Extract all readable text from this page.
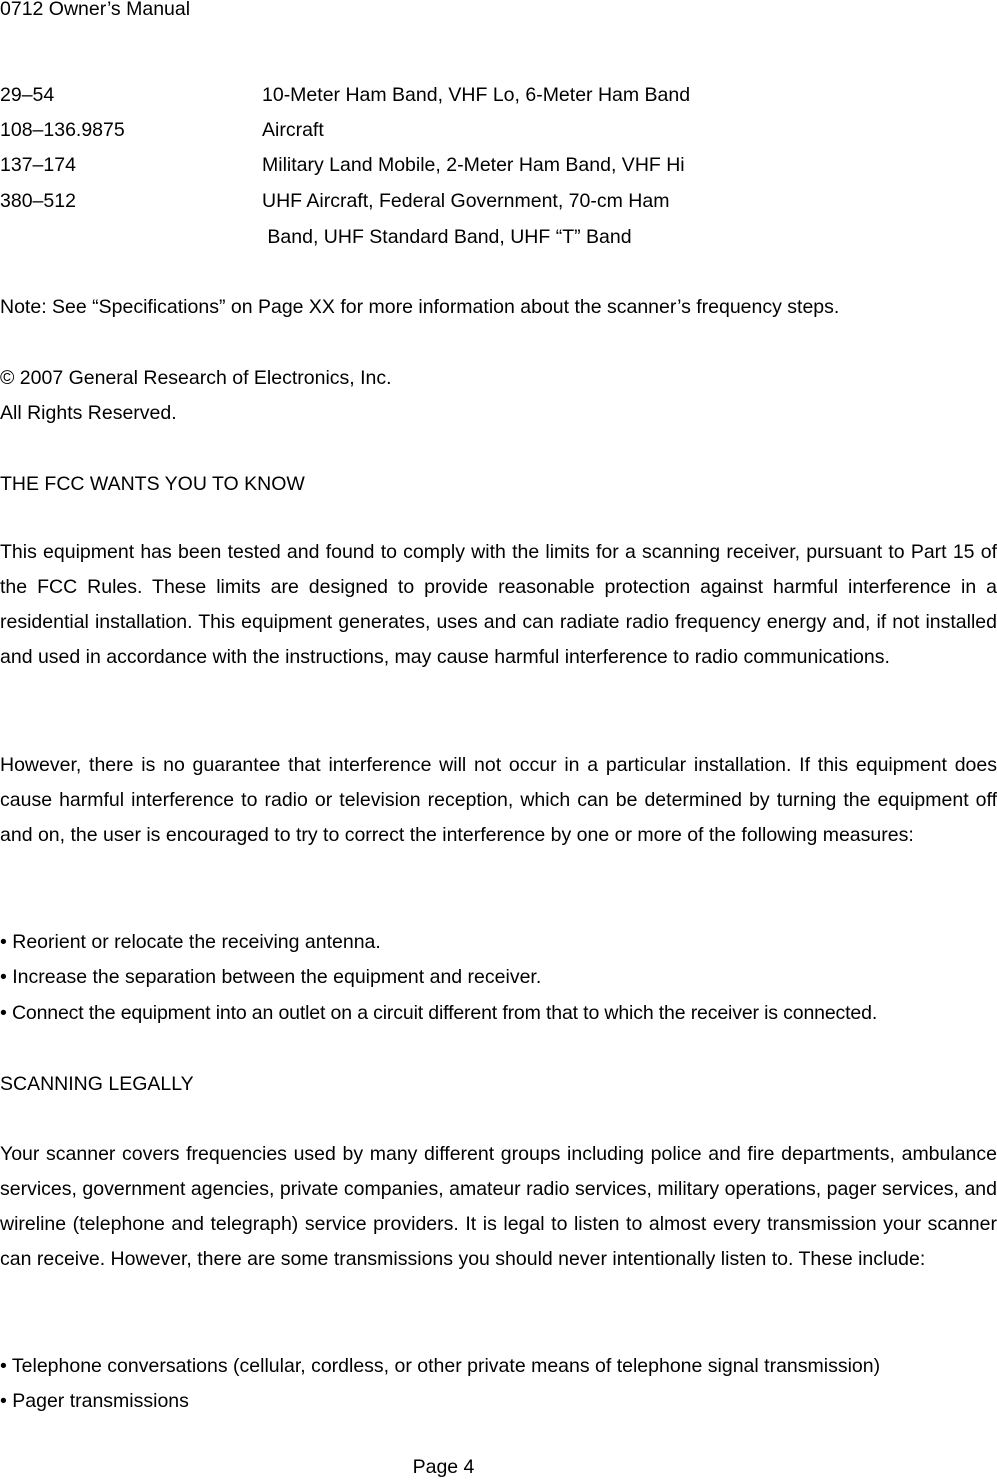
0712 Owner’s Manual
29–54	10-Meter Ham Band, VHF Lo, 6-Meter Ham Band
108–136.9875	Aircraft
137–174	Military Land Mobile, 2-Meter Ham Band, VHF Hi
380–512	UHF Aircraft, Federal Government, 70-cm Ham
Band, UHF Standard Band, UHF “T” Band
Note: See “Specifications” on Page XX for more information about the scanner’s frequency steps.
© 2007 General Research of Electronics, Inc.
All Rights Reserved.
THE FCC WANTS YOU TO KNOW

This equipment has been tested and found to comply with the limits for a scanning receiver, pursuant to Part 15 of the FCC Rules. These limits are designed to provide reasonable protection against harmful interference in a residential installation. This equipment generates, uses and can radiate radio frequency energy and, if not installed and used in accordance with the instructions, may cause harmful interference to radio communications.

However, there is no guarantee that interference will not occur in a particular installation. If this equipment does cause harmful interference to radio or television reception, which can be determined by turning the equipment off and on, the user is encouraged to try to correct the interference by one or more of the following measures:

• Reorient or relocate the receiving antenna.
• Increase the separation between the equipment and receiver.
• Connect the equipment into an outlet on a circuit different from that to which the receiver is connected.
SCANNING LEGALLY

Your scanner covers frequencies used by many different groups including police and fire departments, ambulance services, government agencies, private companies, amateur radio services, military operations, pager services, and wireline (telephone and telegraph) service providers. It is legal to listen to almost every transmission your scanner can receive. However, there are some transmissions you should never intentionally listen to. These include:

• Telephone conversations (cellular, cordless, or other private means of telephone signal transmission)
• Pager transmissions
Page 4
